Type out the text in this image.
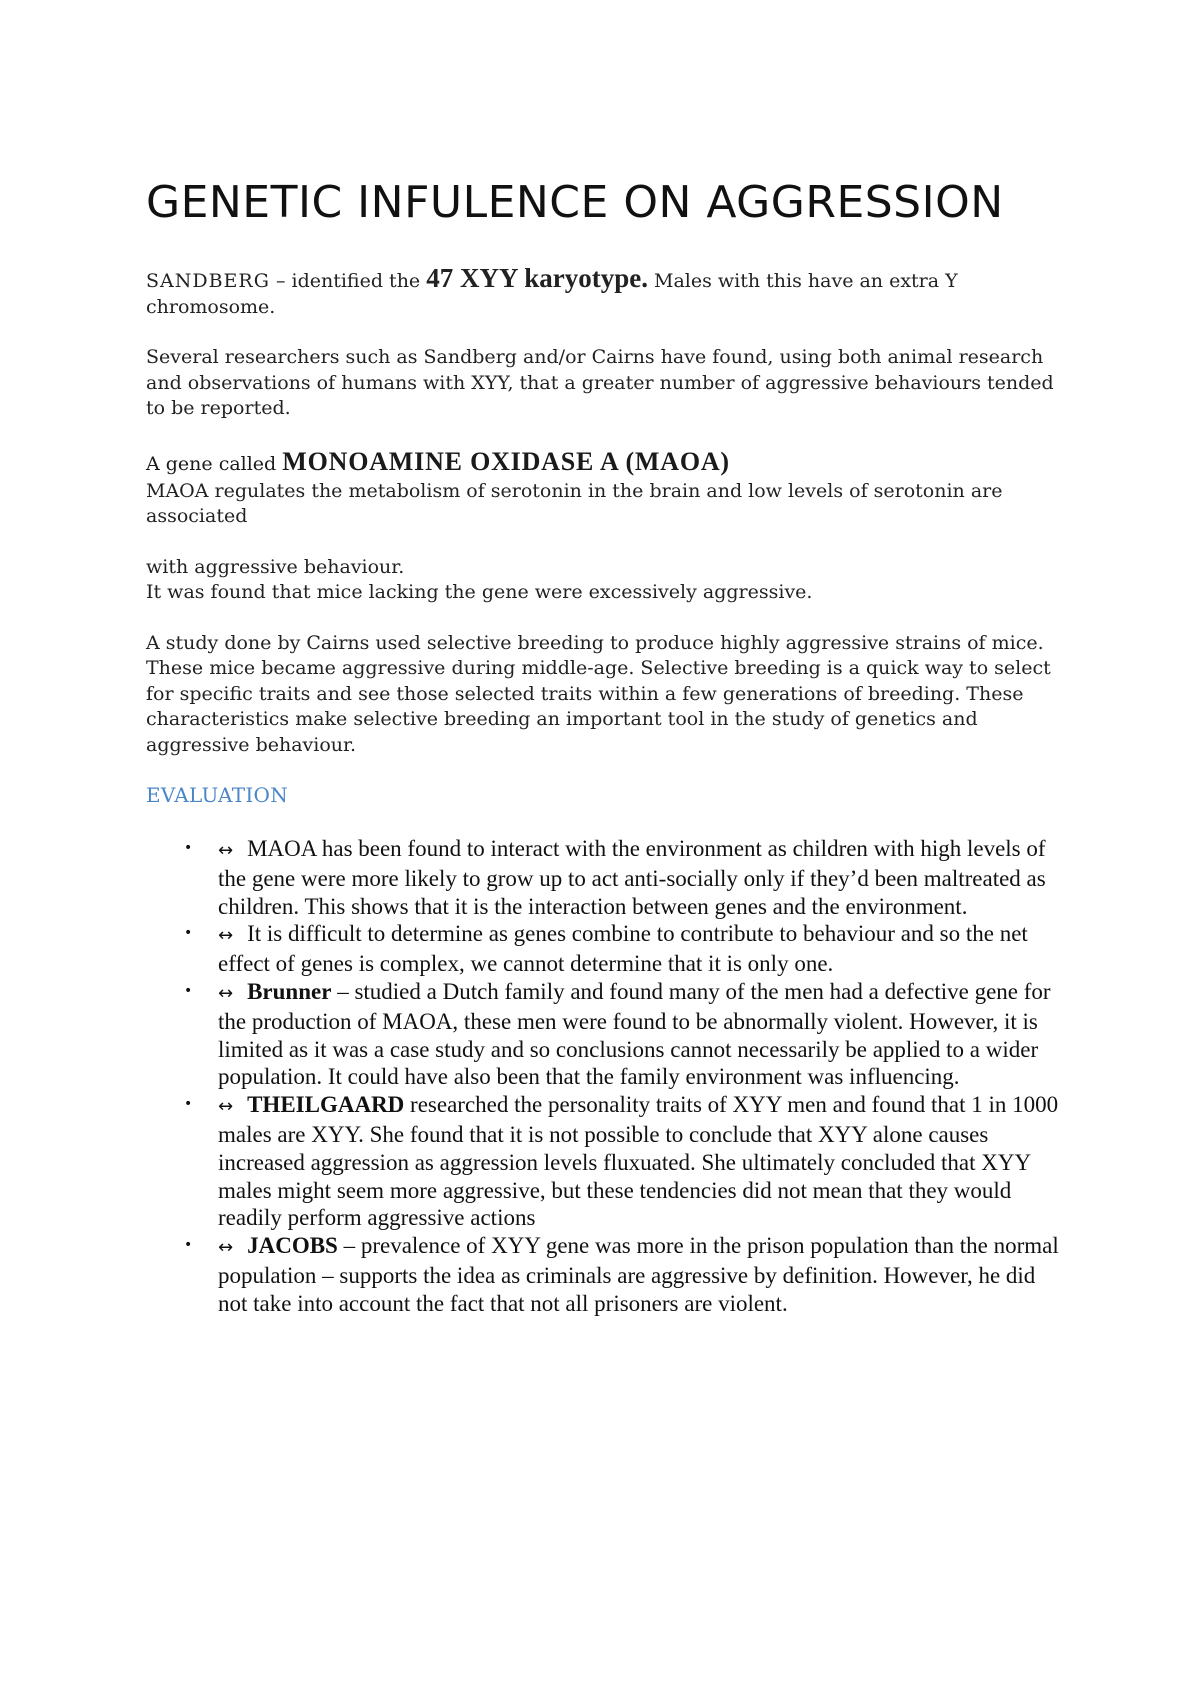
GENETIC INFULENCE ON AGGRESSION

SANDBERG – identified the 47 XYY karyotype. Males with this have an extra Y chromosome.

Several researchers such as Sandberg and/or Cairns have found, using both animal research and observations of humans with XYY, that a greater number of aggressive behaviours tended to be reported.

A gene called MONOAMINE OXIDASE A (MAOA)

MAOA regulates the metabolism of serotonin in the brain and low levels of serotonin are associated

with aggressive behaviour.

It was found that mice lacking the gene were excessively aggressive.

A study done by Cairns used selective breeding to produce highly aggressive strains of mice. These mice became aggressive during middle-age. Selective breeding is a quick way to select for specific traits and see those selected traits within a few generations of breeding. These characteristics make selective breeding an important tool in the study of genetics and aggressive behaviour.

EVALUATION
• ↔ MAOA has been found to interact with the environment as children with high levels of the gene were more likely to grow up to act anti-socially only if they’d been maltreated as children. This shows that it is the interaction between genes and the environment.
• ↔ It is difficult to determine as genes combine to contribute to behaviour and so the net effect of genes is complex, we cannot determine that it is only one.
• ↔ Brunner – studied a Dutch family and found many of the men had a defective gene for the production of MAOA, these men were found to be abnormally violent. However, it is limited as it was a case study and so conclusions cannot necessarily be applied to a wider population. It could have also been that the family environment was influencing.
• ↔ THEILGAARD researched the personality traits of XYY men and found that 1 in 1000 males are XYY. She found that it is not possible to conclude that XYY alone causes increased aggression as aggression levels fluxuated. She ultimately concluded that XYY males might seem more aggressive, but these tendencies did not mean that they would readily perform aggressive actions
• ↔ JACOBS – prevalence of XYY gene was more in the prison population than the normal population – supports the idea as criminals are aggressive by definition. However, he did not take into account the fact that not all prisoners are violent.
